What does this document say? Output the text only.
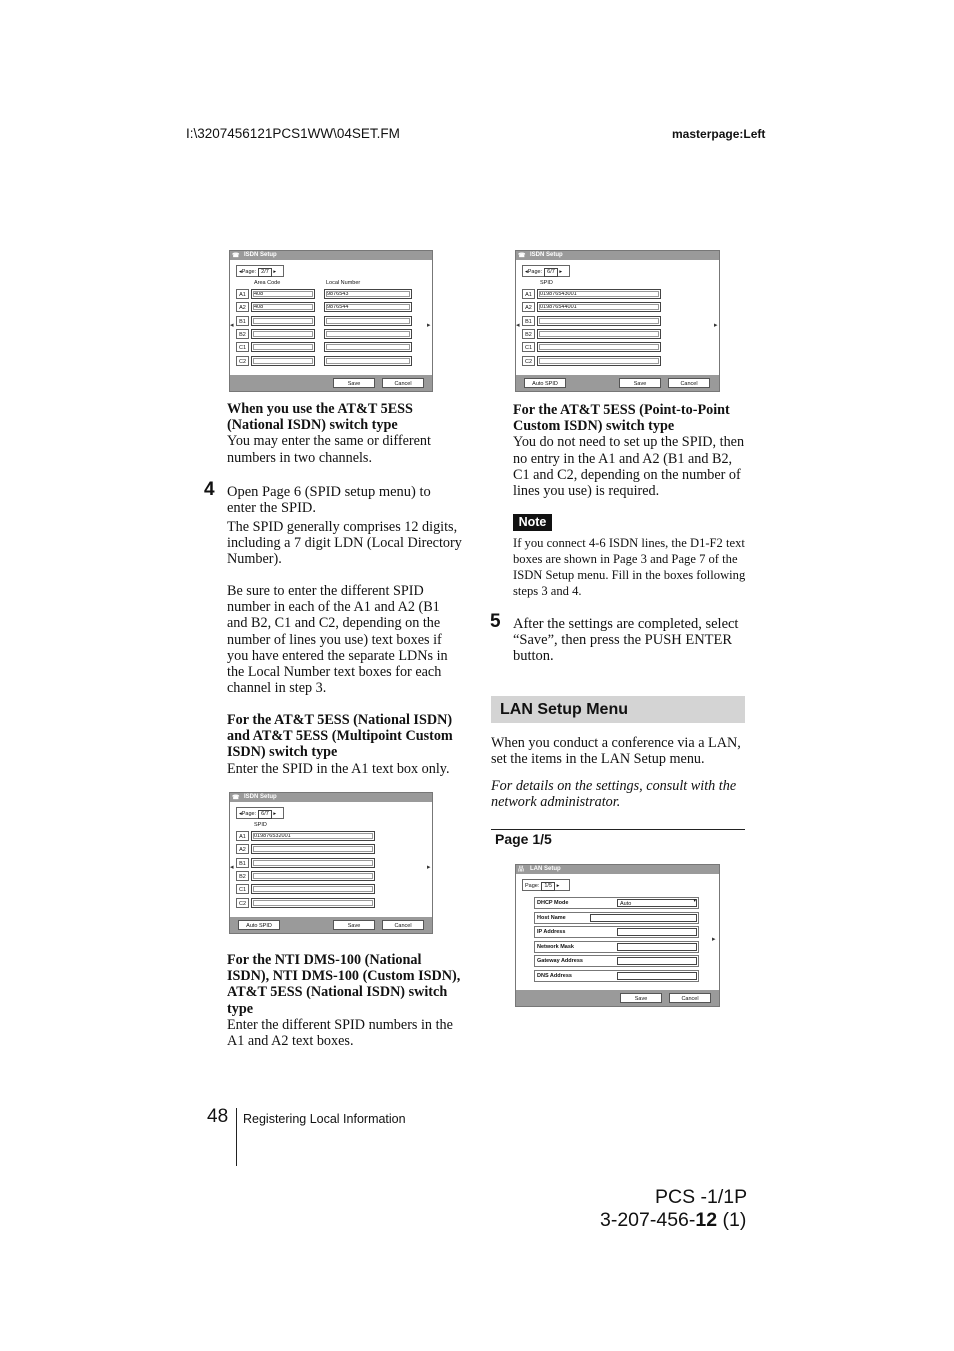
I:\3207456121PCS1WW\04SET.FM	masterpage:Left
☎ ISDN Setup
◂Page: 2/7 ▸
Area Code	Local Number
◂	▸
A1	408	9876543
A2	408	9876544
B1
B2
C1
C2
Save	Cancel
When you use the AT&T 5ESS (National ISDN) switch type
You may enter the same or different numbers in two channels.
4 Open Page 6 (SPID setup menu) to enter the SPID.
The SPID generally comprises 12 digits, including a 7 digit LDN (Local Directory Number).
Be sure to enter the different SPID number in each of the A1 and A2 (B1 and B2, C1 and C2, depending on the number of lines you use) text boxes if you have entered the separate LDNs in the Local Number text boxes for each channel in step 3.
For the AT&T 5ESS (National ISDN) and AT&T 5ESS (Multipoint Custom ISDN) switch type
Enter the SPID in the A1 text box only.
☎ ISDN Setup
◂Page: 6/7 ▸
SPID
◂	▸
A1	019876532001
A2
B1
B2
C1
C2
Auto SPID	Save	Cancel
For the NTI DMS-100 (National ISDN), NTI DMS-100 (Custom ISDN), AT&T 5ESS (National ISDN) switch type
Enter the different SPID numbers in the A1 and A2 text boxes.
☎ ISDN Setup
◂Page: 6/7 ▸
SPID
◂	▸
A1	019876543001
A2	019876544001
B1
B2
C1
C2
Auto SPID	Save	Cancel
For the AT&T 5ESS (Point-to-Point Custom ISDN) switch type
You do not need to set up the SPID, then no entry in the A1 and A2 (B1 and B2, C1 and C2, depending on the number of lines you use) is required.
Note
If you connect 4-6 ISDN lines, the D1-F2 text boxes are shown in Page 3 and Page 7 of the ISDN Setup menu. Fill in the boxes following steps 3 and 4.
5 After the settings are completed, select “Save”, then press the PUSH ENTER button.
LAN Setup Menu
When you conduct a conference via a LAN, set the items in the LAN Setup menu.
For details on the settings, consult with the network administrator.
Page 1/5
品 LAN Setup
Page: 1/5 ▸
▸
DHCP Mode	Auto	▾
Host Name
IP Address
Network Mask
Gateway Address
DNS Address
Save	Cancel
48 Registering Local Information
PCS -1/1P
3-207-456-12 (1)
